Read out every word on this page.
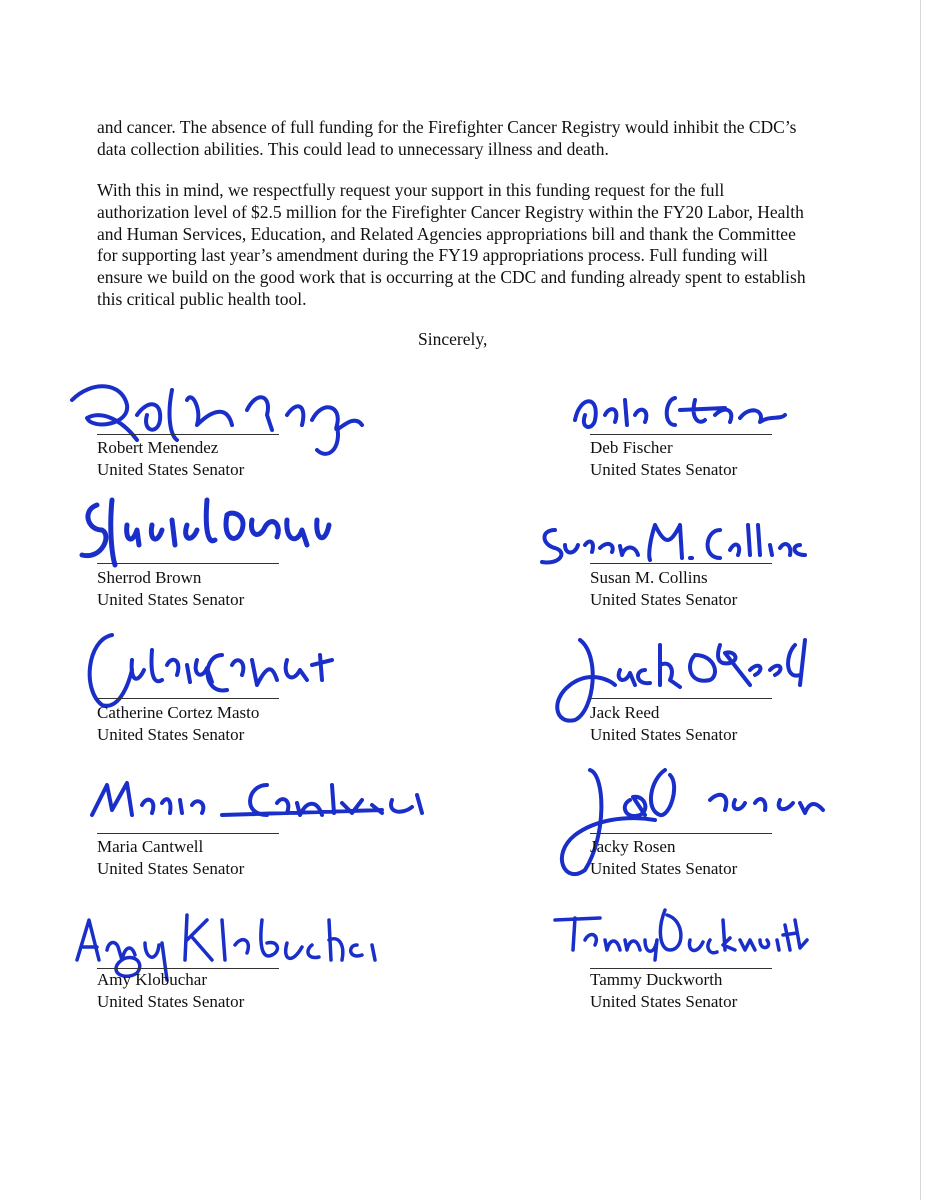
and cancer. The absence of full funding for the Firefighter Cancer Registry would inhibit the CDC’s data collection abilities. This could lead to unnecessary illness and death.

With this in mind, we respectfully request your support in this funding request for the full authorization level of $2.5 million for the Firefighter Cancer Registry within the FY20 Labor, Health and Human Services, Education, and Related Agencies appropriations bill and thank the Committee for supporting last year’s amendment during the FY19 appropriations process. Full funding will ensure we build on the good work that is occurring at the CDC and funding already spent to establish this critical public health tool.

Sincerely,
Robert Menendez
United States Senator
Deb Fischer
United States Senator
Sherrod Brown
United States Senator
Susan M. Collins
United States Senator
Catherine Cortez Masto
United States Senator
Jack Reed
United States Senator
Maria Cantwell
United States Senator
Jacky Rosen
United States Senator
Amy Klobuchar
United States Senator
Tammy Duckworth
United States Senator
